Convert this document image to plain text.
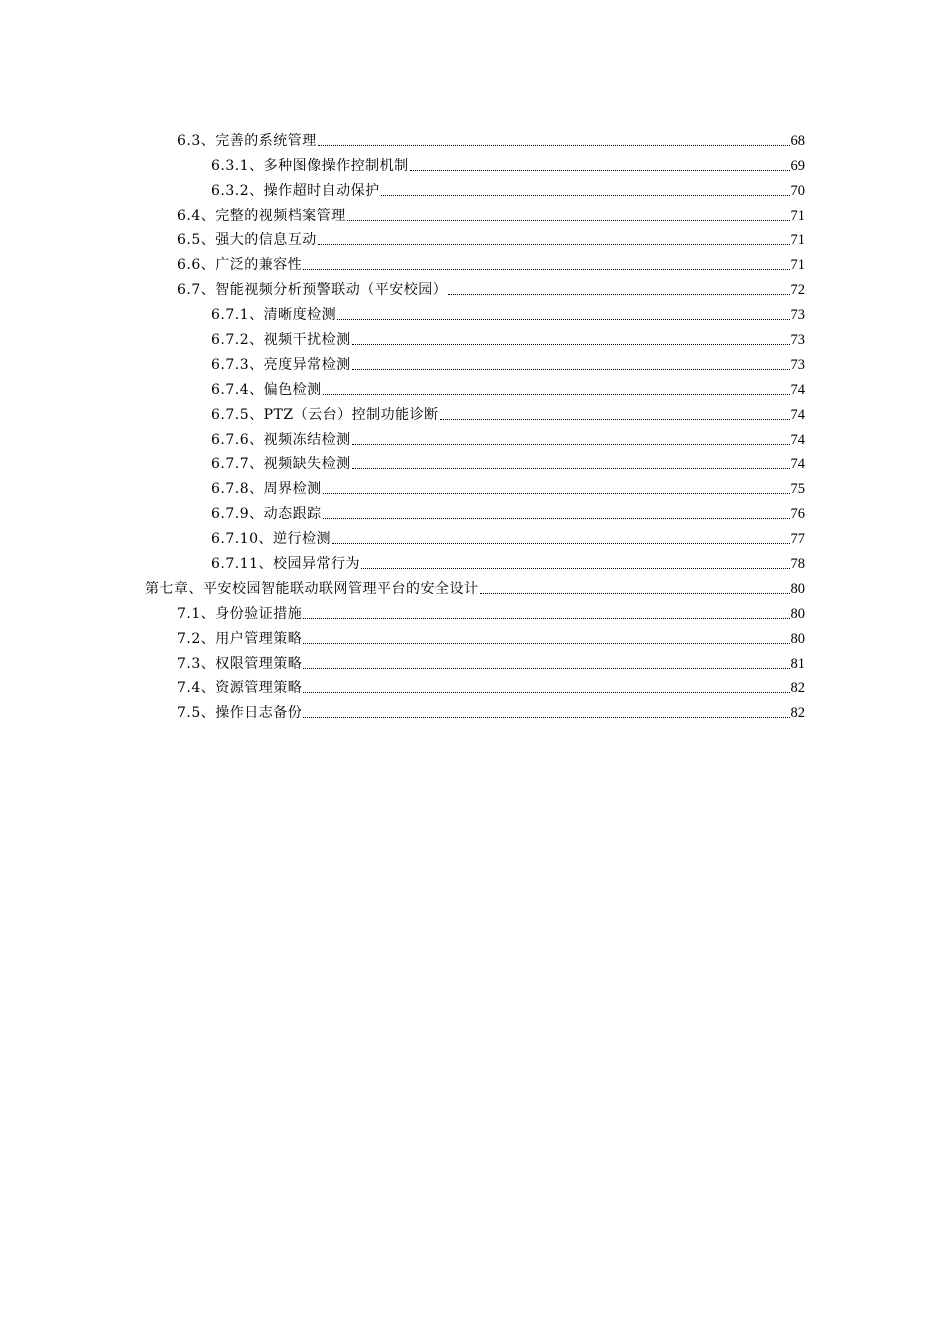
6.3、完善的系统管理	68
6.3.1、多种图像操作控制机制	69
6.3.2、操作超时自动保护	70
6.4、完整的视频档案管理	71
6.5、强大的信息互动	71
6.6、广泛的兼容性	71
6.7、智能视频分析预警联动（平安校园）	72
6.7.1、清晰度检测	73
6.7.2、视频干扰检测	73
6.7.3、亮度异常检测	73
6.7.4、偏色检测	74
6.7.5、PTZ（云台）控制功能诊断	74
6.7.6、视频冻结检测	74
6.7.7、视频缺失检测	74
6.7.8、周界检测	75
6.7.9、动态跟踪	76
6.7.10、逆行检测	77
6.7.11、校园异常行为	78
第七章、平安校园智能联动联网管理平台的安全设计	80
7.1、身份验证措施	80
7.2、用户管理策略	80
7.3、权限管理策略	81
7.4、资源管理策略	82
7.5、操作日志备份	82
